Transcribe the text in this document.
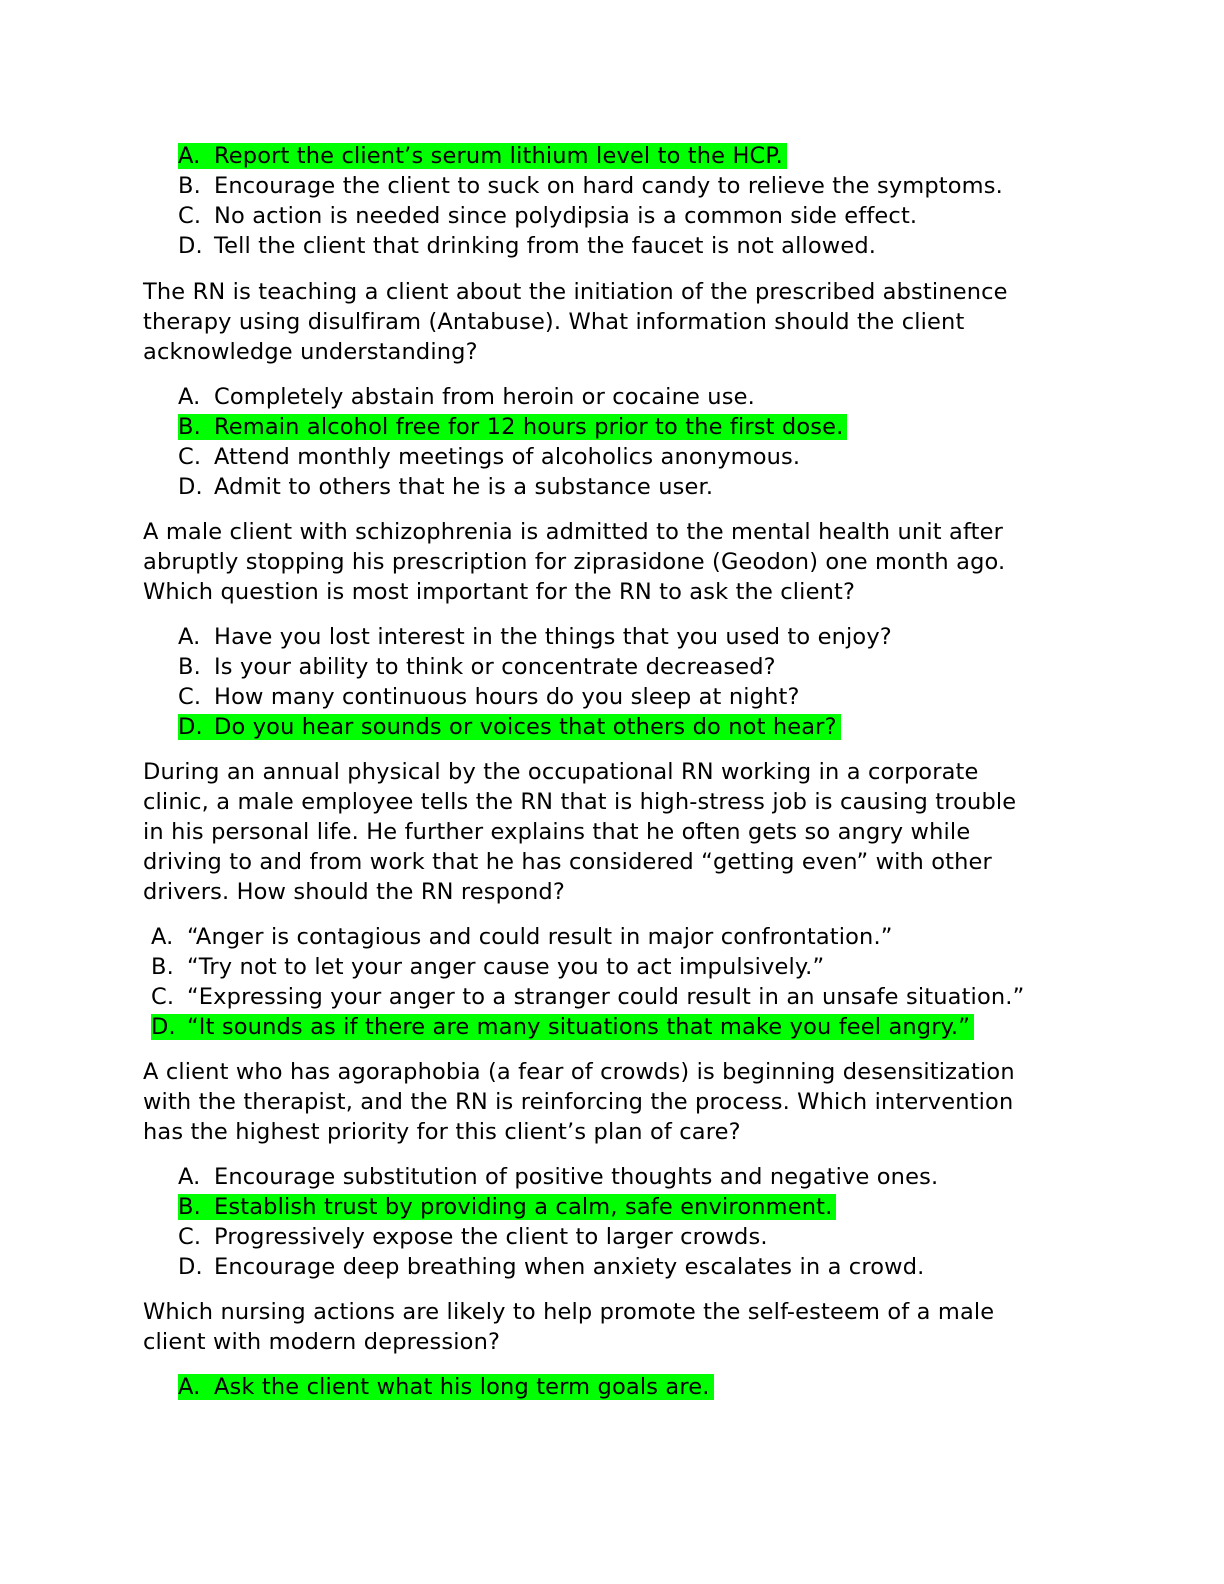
A. Report the client’s serum lithium level to the HCP.
B. Encourage the client to suck on hard candy to relieve the symptoms.
C. No action is needed since polydipsia is a common side effect.
D. Tell the client that drinking from the faucet is not allowed.

The RN is teaching a client about the initiation of the prescribed abstinence

therapy using disulfiram (Antabuse). What information should the client

acknowledge understanding?

A. Completely abstain from heroin or cocaine use.
B. Remain alcohol free for 12 hours prior to the first dose.
C. Attend monthly meetings of alcoholics anonymous.
D. Admit to others that he is a substance user.

A male client with schizophrenia is admitted to the mental health unit after

abruptly stopping his prescription for ziprasidone (Geodon) one month ago.

Which question is most important for the RN to ask the client?

A. Have you lost interest in the things that you used to enjoy?
B. Is your ability to think or concentrate decreased?
C. How many continuous hours do you sleep at night?
D. Do you hear sounds or voices that others do not hear?

During an annual physical by the occupational RN working in a corporate

clinic, a male employee tells the RN that is high-stress job is causing trouble

in his personal life. He further explains that he often gets so angry while

driving to and from work that he has considered “getting even” with other

drivers. How should the RN respond?

A. “Anger is contagious and could result in major confrontation.”
B. “Try not to let your anger cause you to act impulsively.”
C. “Expressing your anger to a stranger could result in an unsafe situation.”
D. “It sounds as if there are many situations that make you feel angry.”

A client who has agoraphobia (a fear of crowds) is beginning desensitization

with the therapist, and the RN is reinforcing the process. Which intervention

has the highest priority for this client’s plan of care?

A. Encourage substitution of positive thoughts and negative ones.
B. Establish trust by providing a calm, safe environment.
C. Progressively expose the client to larger crowds.
D. Encourage deep breathing when anxiety escalates in a crowd.

Which nursing actions are likely to help promote the self-esteem of a male

client with modern depression?

A. Ask the client what his long term goals are.
